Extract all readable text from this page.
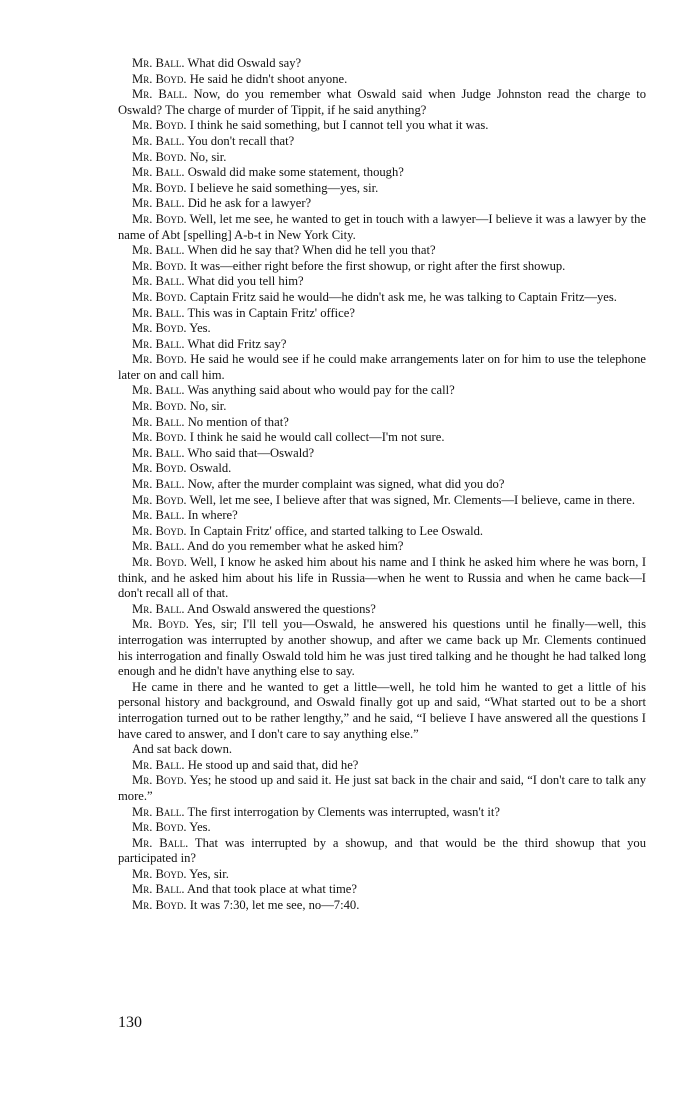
Mr. Ball. What did Oswald say?

Mr. Boyd. He said he didn't shoot anyone.

Mr. Ball. Now, do you remember what Oswald said when Judge Johnston read the charge to Oswald? The charge of murder of Tippit, if he said anything?

Mr. Boyd. I think he said something, but I cannot tell you what it was.

Mr. Ball. You don't recall that?

Mr. Boyd. No, sir.

Mr. Ball. Oswald did make some statement, though?

Mr. Boyd. I believe he said something—yes, sir.

Mr. Ball. Did he ask for a lawyer?

Mr. Boyd. Well, let me see, he wanted to get in touch with a lawyer—I believe it was a lawyer by the name of Abt [spelling] A-b-t in New York City.

Mr. Ball. When did he say that? When did he tell you that?

Mr. Boyd. It was—either right before the first showup, or right after the first showup.

Mr. Ball. What did you tell him?

Mr. Boyd. Captain Fritz said he would—he didn't ask me, he was talking to Captain Fritz—yes.

Mr. Ball. This was in Captain Fritz' office?

Mr. Boyd. Yes.

Mr. Ball. What did Fritz say?

Mr. Boyd. He said he would see if he could make arrangements later on for him to use the telephone later on and call him.

Mr. Ball. Was anything said about who would pay for the call?

Mr. Boyd. No, sir.

Mr. Ball. No mention of that?

Mr. Boyd. I think he said he would call collect—I'm not sure.

Mr. Ball. Who said that—Oswald?

Mr. Boyd. Oswald.

Mr. Ball. Now, after the murder complaint was signed, what did you do?

Mr. Boyd. Well, let me see, I believe after that was signed, Mr. Clements—I believe, came in there.

Mr. Ball. In where?

Mr. Boyd. In Captain Fritz' office, and started talking to Lee Oswald.

Mr. Ball. And do you remember what he asked him?

Mr. Boyd. Well, I know he asked him about his name and I think he asked him where he was born, I think, and he asked him about his life in Russia—when he went to Russia and when he came back—I don't recall all of that.

Mr. Ball. And Oswald answered the questions?

Mr. Boyd. Yes, sir; I'll tell you—Oswald, he answered his questions until he finally—well, this interrogation was interrupted by another showup, and after we came back up Mr. Clements continued his interrogation and finally Oswald told him he was just tired talking and he thought he had talked long enough and he didn't have anything else to say.

He came in there and he wanted to get a little—well, he told him he wanted to get a little of his personal history and background, and Oswald finally got up and said, “What started out to be a short interrogation turned out to be rather lengthy,” and he said, “I believe I have answered all the questions I have cared to answer, and I don't care to say anything else.”

And sat back down.

Mr. Ball. He stood up and said that, did he?

Mr. Boyd. Yes; he stood up and said it. He just sat back in the chair and said, “I don't care to talk any more.”

Mr. Ball. The first interrogation by Clements was interrupted, wasn't it?

Mr. Boyd. Yes.

Mr. Ball. That was interrupted by a showup, and that would be the third showup that you participated in?

Mr. Boyd. Yes, sir.

Mr. Ball. And that took place at what time?

Mr. Boyd. It was 7:30, let me see, no—7:40.

130
